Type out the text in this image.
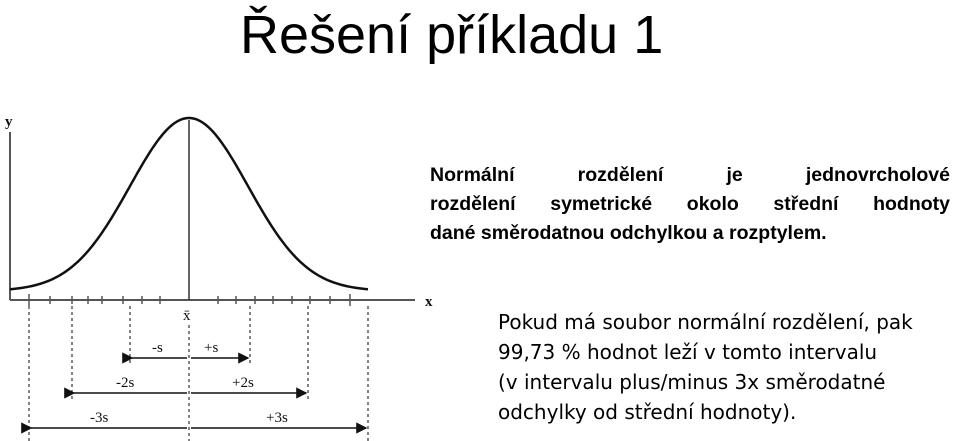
Řešení příkladu 1
y
x
x̄
-s	+s
-2s	+2s
-3s	+3s
Normální rozdělení je jednovrcholové
rozdělení symetrické okolo střední hodnoty
dané směrodatnou odchylkou a rozptylem.
Pokud má soubor normální rozdělení, pak
99,73 % hodnot leží v tomto intervalu
(v intervalu plus/minus 3x směrodatné
odchylky od střední hodnoty).
